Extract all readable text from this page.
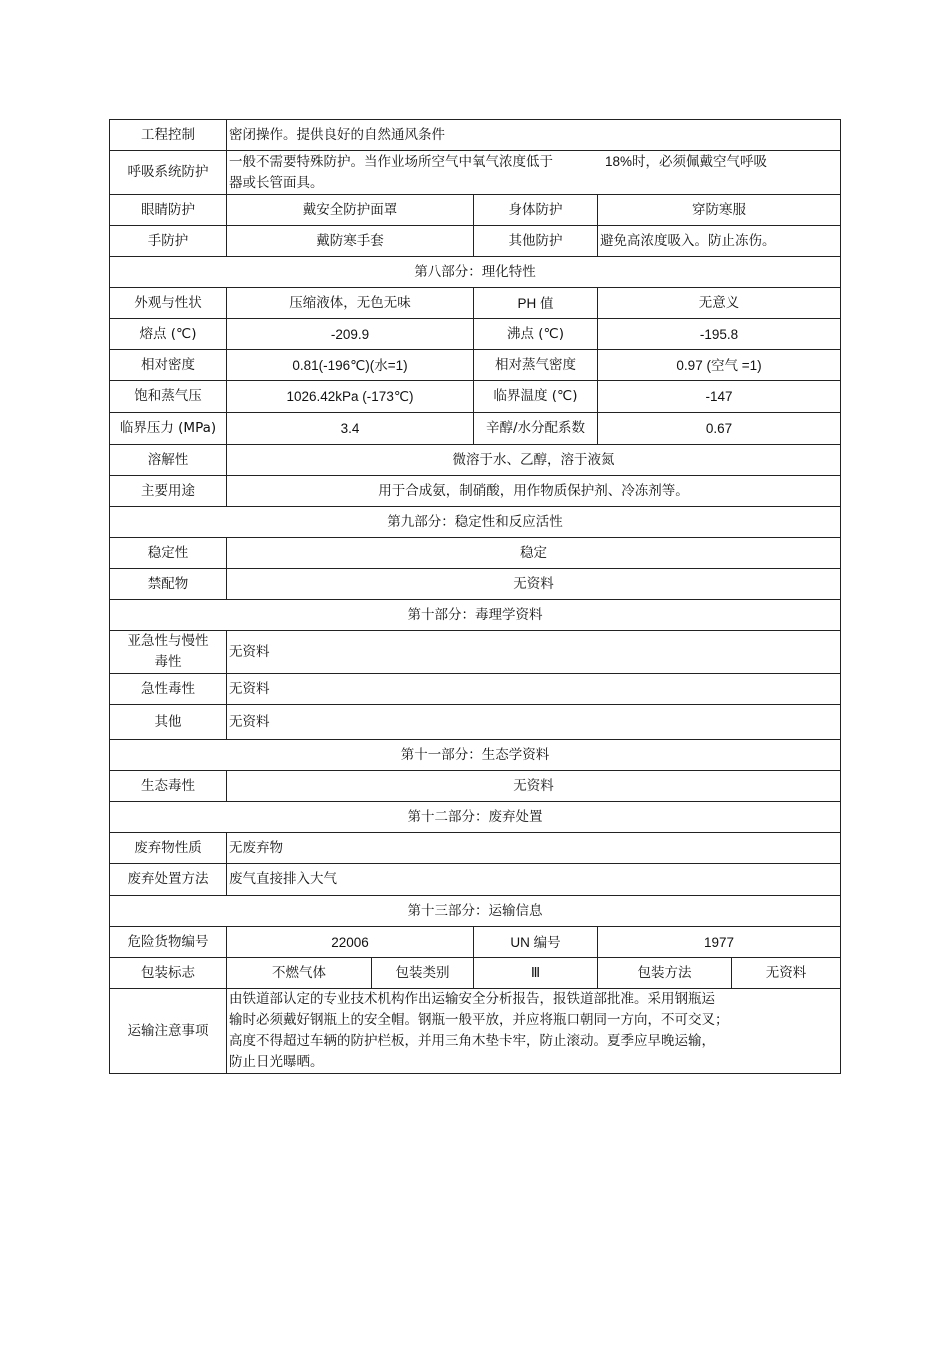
工程控制	密闭操作。提供良好的自然通风条件				
呼吸系统防护	一般不需要特殊防护。当作业场所空气中氧气浓度低于 18%时，必须佩戴空气呼吸
器或长管面具。				

眼睛防护	戴安全防护面罩		身体防护	穿防寒服	
手防护	戴防寒手套		其他防护	避免高浓度吸入。防止冻伤。	
第八部分：理化特性					
外观与性状	压缩液体，无色无味		PH 值	无意义	
熔点 (℃)	-209.9		沸点 (℃)	-195.8	
相对密度	0.81(-196℃)(水=1)		相对蒸气密度	0.97 (空气 =1)	
饱和蒸气压	1026.42kPa (-173℃)		临界温度 (℃)	-147	
临界压力 (MPa)	3.4		辛醇/水分配系数	0.67	
溶解性	微溶于水、乙醇，溶于液氮				
主要用途	用于合成氨，制硝酸，用作物质保护剂、冷冻剂等。				
第九部分：稳定性和反应活性					
稳定性	稳定				
禁配物	无资料				
第十部分：毒理学资料					

亚急性与慢性
毒性	无资料				
急性毒性	无资料				
其他	无资料				
第十一部分：生态学资料					
生态毒性	无资料				
第十二部分：废弃处置					
废弃物性质	无废弃物				
废弃处置方法	废气直接排入大气				
第十三部分：运输信息					
危险货物编号	22006		UN 编号	1977	
包装标志	不燃气体	包装类别	Ⅲ	包装方法	无资料
运输注意事项	由铁道部认定的专业技术机构作出运输安全分析报告，报铁道部批准。采用钢瓶运
输时必须戴好钢瓶上的安全帽。钢瓶一般平放，并应将瓶口朝同一方向，不可交叉；
高度不得超过车辆的防护栏板，并用三角木垫卡牢，防止滚动。夏季应早晚运输，
防止日光曝晒。				
